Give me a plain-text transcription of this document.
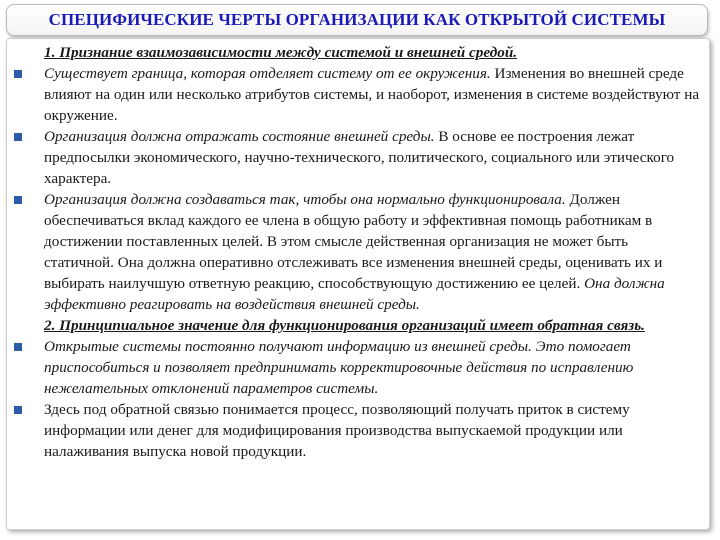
СПЕЦИФИЧЕСКИЕ ЧЕРТЫ ОРГАНИЗАЦИИ КАК ОТКРЫТОЙ СИСТЕМЫ

1. Признание взаимозависимости между системой и внешней средой.

Существует граница, которая отделяет систему от ее окружения. Изменения во внешней среде влияют на один или несколько атрибутов системы, и наоборот, изменения в системе воздействуют на окружение.

Организация должна отражать состояние внешней среды. В основе ее построения лежат предпосылки экономического, научно-технического, политического, социального или этического характера.

Организация должна создаваться так, чтобы она нормально функционировала. Должен обеспечиваться вклад каждого ее члена в общую работу и эффективная помощь работникам в достижении поставленных целей. В этом смысле действенная организация не может быть статичной. Она должна оперативно отслеживать все изменения внешней среды, оценивать их и выбирать наилучшую ответную реакцию, способствующую достижению ее целей. Она должна эффективно реагировать на воздействия внешней среды.

2. Принципиальное значение для функционирования организаций имеет обратная связь.

Открытые системы постоянно получают информацию из внешней среды. Это помогает приспособиться и позволяет предпринимать корректировочные действия по исправлению нежелательных отклонений параметров системы.

Здесь под обратной связью понимается процесс, позволяющий получать приток в систему информации или денег для модифицирования производства выпускаемой продукции или налаживания выпуска новой продукции.
